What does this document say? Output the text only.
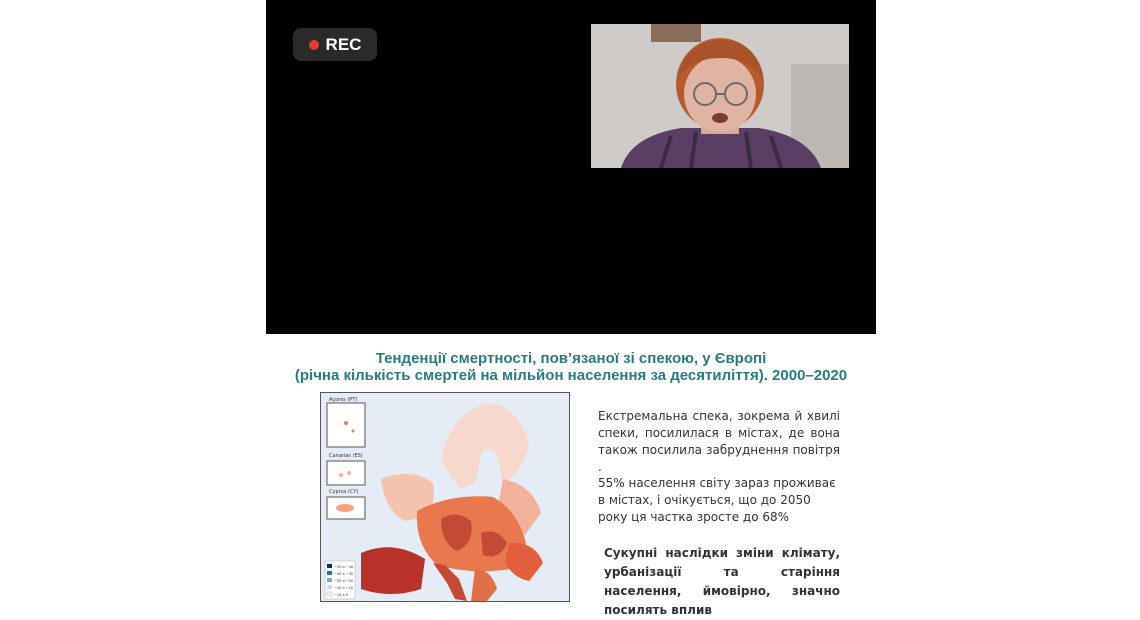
REC
Тенденції смертності, пов’язаної зі спекою, у Європі
(річна кількість смертей на мільйон населення за десятиліття). 2000–2020
Açores (PT)
Canarias (ES)
Cyprus (CY)
−50 a −40
−40 a −30
−30 a −20
−20 a −10
−10 a 0
Екстремальна спека, зокрема й хвилі спеки, посилилася в містах, де вона також посилила забруднення повітря .
55% населення світу зараз проживає в містах, і очікується, що до 2050 року ця частка зросте до 68%
Сукупні наслідки зміни клімату, урбанізації та старіння населення, ймовірно, значно посилять вплив
